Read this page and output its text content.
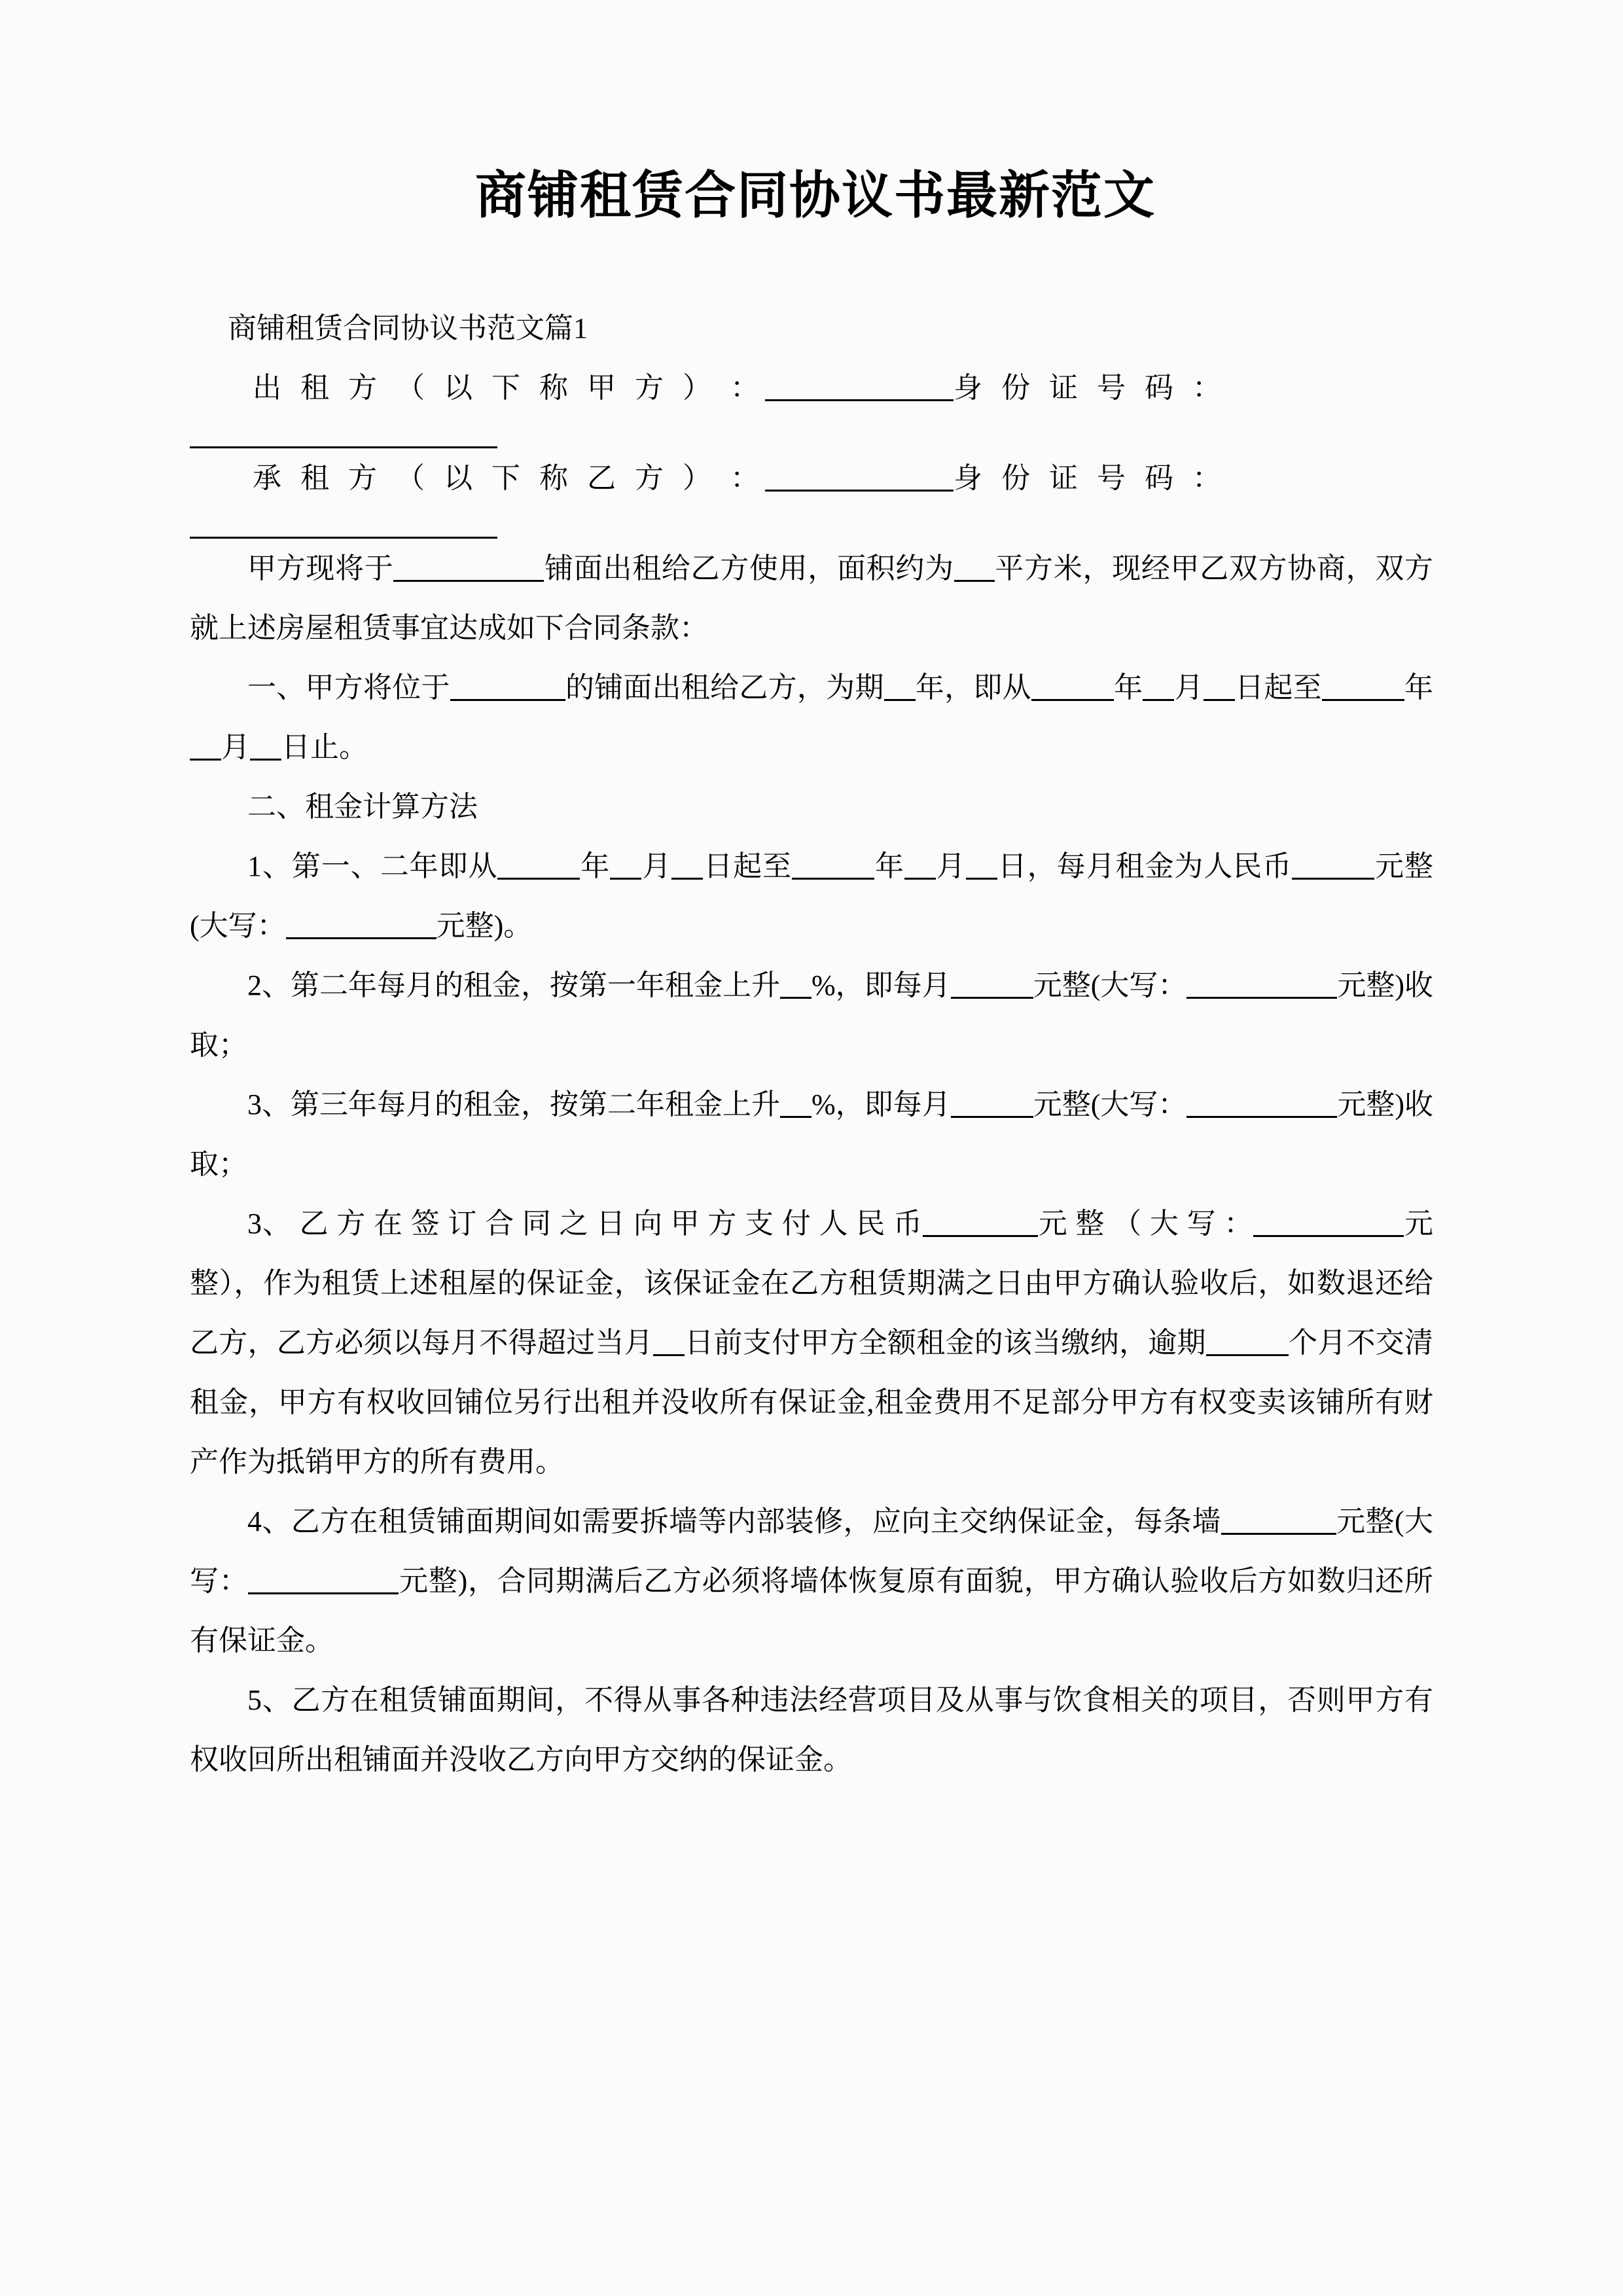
商铺租赁合同协议书最新范文

商铺租赁合同协议书范文篇1

出 租 方 （ 以 下 称 甲 方 ） ：	身 份 证 号 码 ：

承 租 方 （ 以 下 称 乙 方 ） ：	身 份 证 号 码 ：

甲方现将于	铺面出租给乙方使用，面积约为 平方米，现经甲乙双方协商，双方就上述房屋租赁事宜达成如下合同条款：

一、甲方将位于	的铺面出租给乙方，为期 年，即从	年 月 日起至	年月 日止。

二、租金计算方法

1、第一、二年即从	年 月 日起至	年 月 日，每月租金为人民币	元整(大写：	元整)。

2、第二年每月的租金，按第一年租金上升 %，即每月	元整(大写：	元整)收取；

3、第三年每月的租金，按第二年租金上升 %，即每月	元整(大写：	元整)收取；

3、 乙 方 在 签 订 合 同 之 日 向 甲 方 支 付 人 民 币	元 整 （ 大 写 ：	元整），作为租赁上述租屋的保证金，该保证金在乙方租赁期满之日由甲方确认验收后，如数退还给乙方，乙方必须以每月不得超过当月 日前支付甲方全额租金的该当缴纳，逾期	个月不交清租金，甲方有权收回铺位另行出租并没收所有保证金,租金费用不足部分甲方有权变卖该铺所有财产作为抵销甲方的所有费用。

4、乙方在租赁铺面期间如需要拆墙等内部装修，应向主交纳保证金，每条墙	元整(大写：	元整)，合同期满后乙方必须将墙体恢复原有面貌，甲方确认验收后方如数归还所有保证金。

5、乙方在租赁铺面期间，不得从事各种违法经营项目及从事与饮食相关的项目，否则甲方有权收回所出租铺面并没收乙方向甲方交纳的保证金。
